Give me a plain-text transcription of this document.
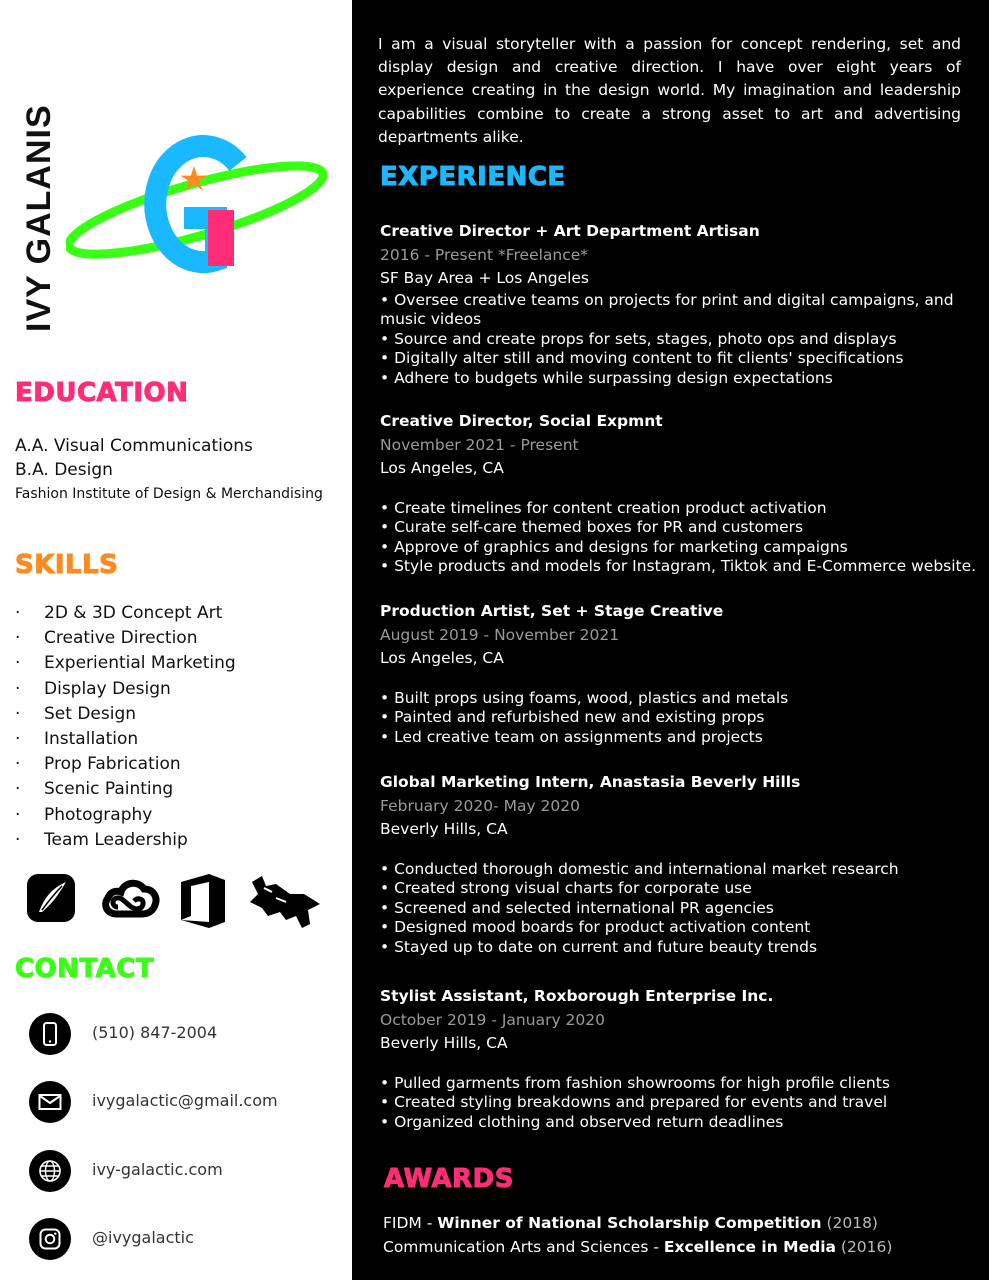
IVY GALANIS
EDUCATION
A.A. Visual Communications
B.A. Design
Fashion Institute of Design & Merchandising
SKILLS
· 2D & 3D Concept Art
· Creative Direction
· Experiential Marketing
· Display Design
· Set Design
· Installation
· Prop Fabrication
· Scenic Painting
· Photography
· Team Leadership
CONTACT
(510) 847-2004
ivygalactic@gmail.com
ivy-galactic.com
@ivygalactic
I am a visual storyteller with a passion for concept rendering, set and display design and creative direction. I have over eight years of experience creating in the design world. My imagination and leadership capabilities combine to create a strong asset to art and advertising departments alike.
EXPERIENCE
Creative Director + Art Department Artisan
2016 - Present *Freelance*
SF Bay Area + Los Angeles
• Oversee creative teams on projects for print and digital campaigns, and music videos
• Source and create props for sets, stages, photo ops and displays
• Digitally alter still and moving content to fit clients' specifications
• Adhere to budgets while surpassing design expectations
Creative Director, Social Expmnt
November 2021 - Present
Los Angeles, CA
• Create timelines for content creation product activation
• Curate self-care themed boxes for PR and customers
• Approve of graphics and designs for marketing campaigns
• Style products and models for Instagram, Tiktok and E-Commerce website.
Production Artist, Set + Stage Creative
August 2019 - November 2021
Los Angeles, CA
• Built props using foams, wood, plastics and metals
• Painted and refurbished new and existing props
• Led creative team on assignments and projects
Global Marketing Intern, Anastasia Beverly Hills
February 2020- May 2020
Beverly Hills, CA
• Conducted thorough domestic and international market research
• Created strong visual charts for corporate use
• Screened and selected international PR agencies
• Designed mood boards for product activation content
• Stayed up to date on current and future beauty trends
Stylist Assistant, Roxborough Enterprise Inc.
October 2019 - January 2020
Beverly Hills, CA
• Pulled garments from fashion showrooms for high profile clients
• Created styling breakdowns and prepared for events and travel
• Organized clothing and observed return deadlines
AWARDS
FIDM - Winner of National Scholarship Competition (2018)
Communication Arts and Sciences - Excellence in Media (2016)
